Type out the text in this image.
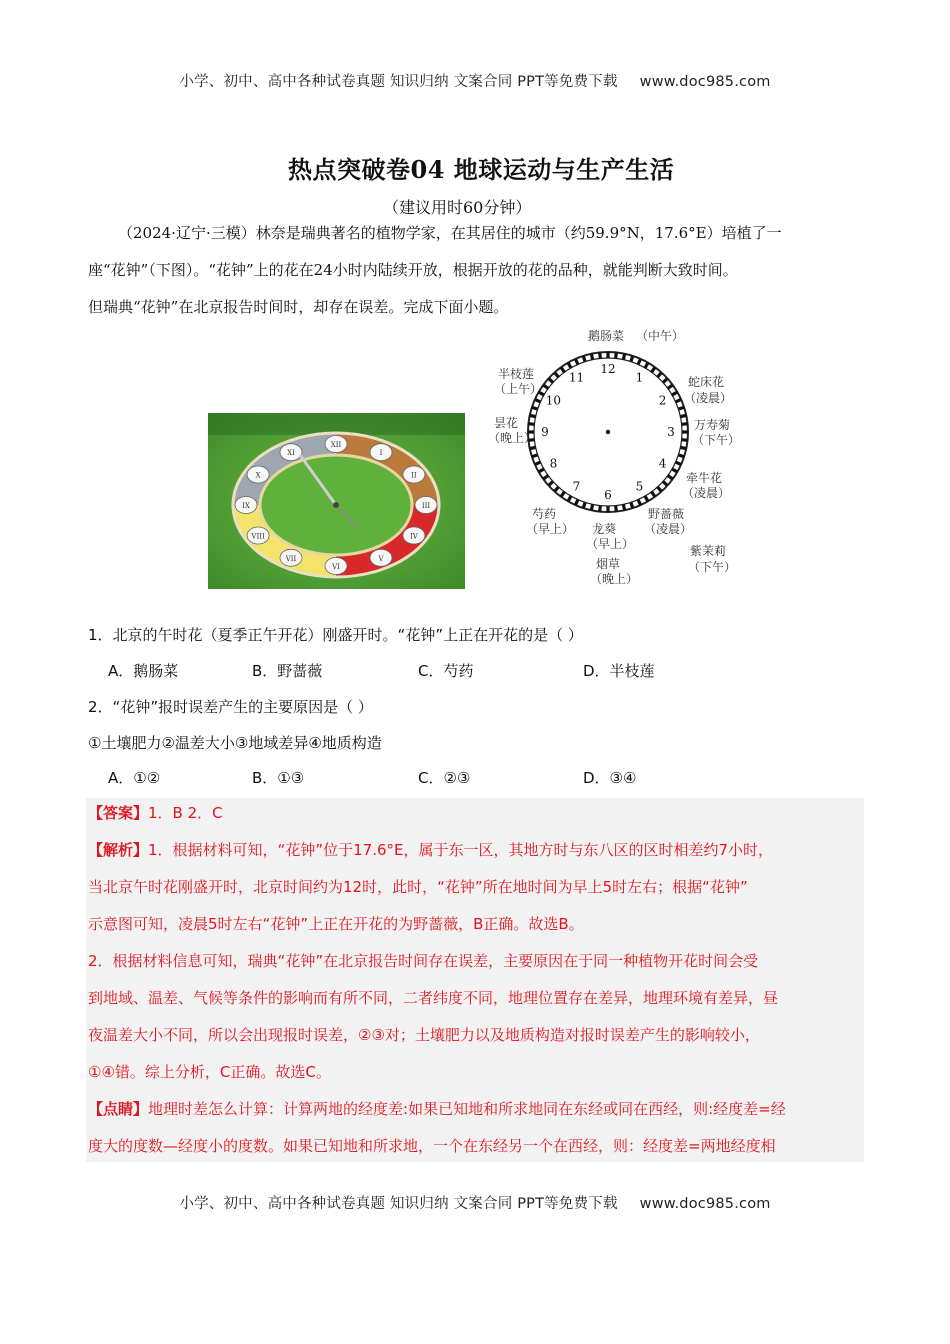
小学、初中、高中各种试卷真题 知识归纳 文案合同 PPT等免费下载 www.doc985.com
热点突破卷04 地球运动与生产生活
（建议用时60分钟）

（2024·辽宁·三模）林奈是瑞典著名的植物学家，在其居住的城市（约59.9°N，17.6°E）培植了一

座“花钟”（下图）。“花钟”上的花在24小时内陆续开放，根据开放的花的品种，就能判断大致时间。

但瑞典“花钟”在北京报告时间时，却存在误差。完成下面小题。

XII
I
II
III
IV
V
VI
VII
VIII
IX
X
XI
12
1
2
3
4
5
6
7
8
9
10
11
鹅肠菜 （中午）
蛇床花 （凌晨）
万寿菊 （下午）
牵牛花 （凌晨）
野蔷薇 （凌晨）
紫茉莉 （下午）
烟草 （晚上）
龙葵 （早上）
芍药 （早上）
昙花 （晚上）
半枝莲 （上午）
1．北京的午时花（夏季正午开花）刚盛开时。“花钟”上正在开花的是（ ）
A．鹅肠菜	B．野蔷薇	C．芍药	D．半枝莲
2．“花钟”报时误差产生的主要原因是（ ）
①土壤肥力②温差大小③地域差异④地质构造
A．①②	B．①③	C．②③	D．③④
【答案】1．B 2．C
【解析】1．根据材料可知，“花钟”位于17.6°E，属于东一区，其地方时与东八区的区时相差约7小时，
当北京午时花刚盛开时，北京时间约为12时，此时，“花钟”所在地时间为早上5时左右；根据“花钟”
示意图可知，凌晨5时左右“花钟”上正在开花的为野蔷薇，B正确。故选B。
2．根据材料信息可知，瑞典“花钟”在北京报告时间存在误差，主要原因在于同一种植物开花时间会受
到地域、温差、气候等条件的影响而有所不同，二者纬度不同，地理位置存在差异，地理环境有差异，昼
夜温差大小不同，所以会出现报时误差，②③对；土壤肥力以及地质构造对报时误差产生的影响较小，
①④错。综上分析，C正确。故选C。
【点睛】地理时差怎么计算：计算两地的经度差:如果已知地和所求地同在东经或同在西经，则:经度差=经
度大的度数—经度小的度数。如果已知地和所求地，一个在东经另一个在西经，则：经度差=两地经度相
小学、初中、高中各种试卷真题 知识归纳 文案合同 PPT等免费下载 www.doc985.com
